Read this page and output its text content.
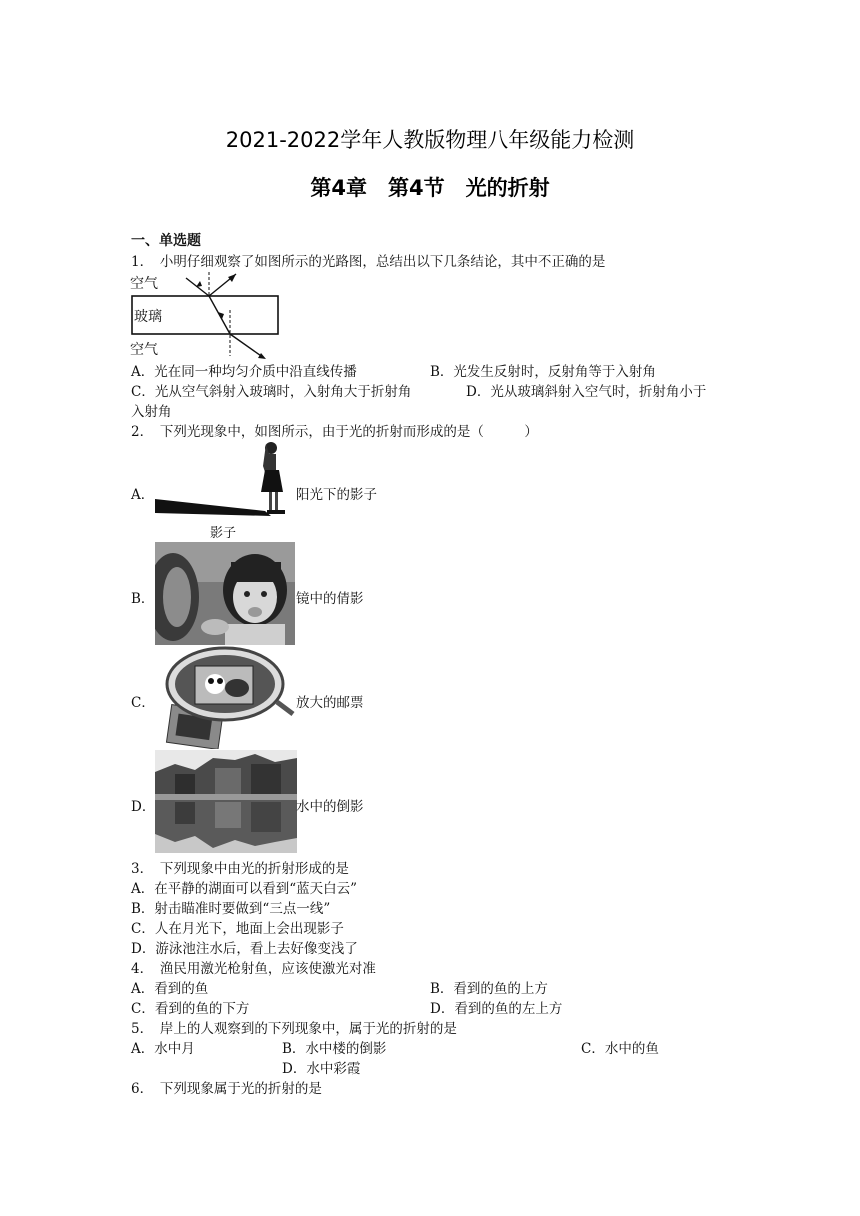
2021-2022学年人教版物理八年级能力检测
第4章　第4节　光的折射
一、单选题
1．　小明仔细观察了如图所示的光路图，总结出以下几条结论，其中不正确的是
空气
玻璃
空气
A．光在同一种均匀介质中沿直线传播	B．光发生反射时，反射角等于入射角
C．光从空气斜射入玻璃时，入射角大于折射角	D．光从玻璃斜射入空气时，折射角小于
入射角
2．　下列光现象中，如图所示，由于光的折射而形成的是（　　　）
A．
影子
阳光下的影子
B．	镜中的倩影
C．	放大的邮票
D．	水中的倒影
3．　下列现象中由光的折射形成的是
A．在平静的湖面可以看到“蓝天白云”
B．射击瞄准时要做到“三点一线”
C．人在月光下，地面上会出现影子
D．游泳池注水后，看上去好像变浅了
4．　渔民用激光枪射鱼，应该使激光对准
A．看到的鱼	B．看到的鱼的上方
C．看到的鱼的下方	D．看到的鱼的左上方
5．　岸上的人观察到的下列现象中，属于光的折射的是
A．水中月	B．水中楼的倒影	C．水中的鱼
D．水中彩霞
6．　下列现象属于光的折射的是
